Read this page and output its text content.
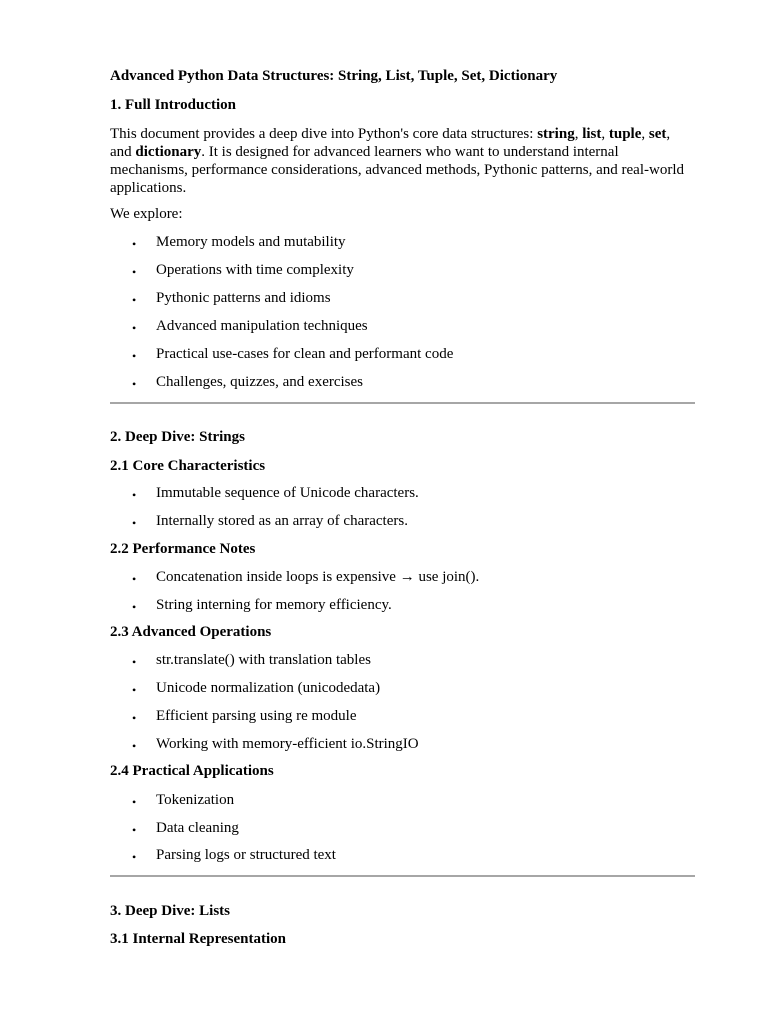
Advanced Python Data Structures: String, List, Tuple, Set, Dictionary
1. Full Introduction
This document provides a deep dive into Python's core data structures: string, list, tuple, set, and dictionary. It is designed for advanced learners who want to understand internal mechanisms, performance considerations, advanced methods, Pythonic patterns, and real-world applications.
We explore:
• Memory models and mutability
• Operations with time complexity
• Pythonic patterns and idioms
• Advanced manipulation techniques
• Practical use-cases for clean and performant code
• Challenges, quizzes, and exercises
2. Deep Dive: Strings
2.1 Core Characteristics
• Immutable sequence of Unicode characters.
• Internally stored as an array of characters.
2.2 Performance Notes
• Concatenation inside loops is expensive → use join().
• String interning for memory efficiency.
2.3 Advanced Operations
• str.translate() with translation tables
• Unicode normalization (unicodedata)
• Efficient parsing using re module
• Working with memory-efficient io.StringIO
2.4 Practical Applications
• Tokenization
• Data cleaning
• Parsing logs or structured text
3. Deep Dive: Lists
3.1 Internal Representation
